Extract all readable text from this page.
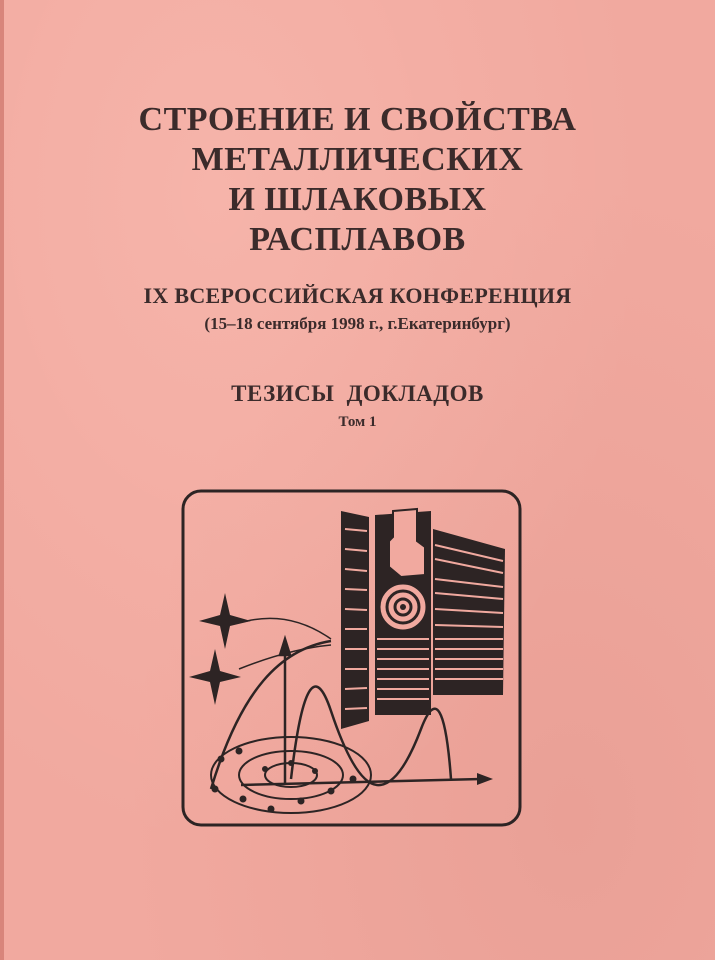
СТРОЕНИЕ И СВОЙСТВА
МЕТАЛЛИЧЕСКИХ
И ШЛАКОВЫХ
РАСПЛАВОВ
IX ВСЕРОССИЙСКАЯ КОНФЕРЕНЦИЯ
(15–18 сентября 1998 г., г.Екатеринбург)
ТЕЗИСЫ ДОКЛАДОВ
Том 1
